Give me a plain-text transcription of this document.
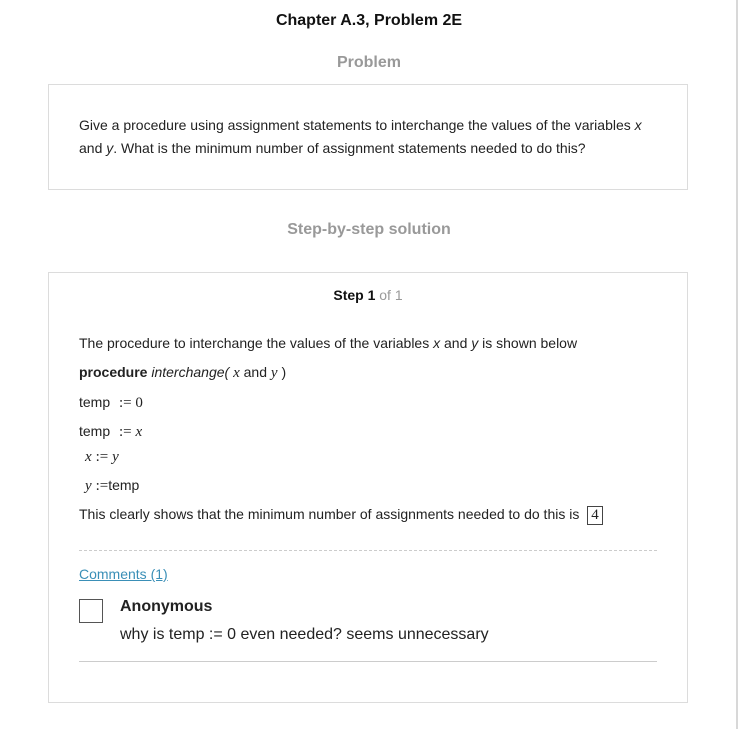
Chapter A.3, Problem 2E
Problem
Give a procedure using assignment statements to interchange the values of the variables x
and y. What is the minimum number of assignment statements needed to do this?
Step-by-step solution
Step 1 of 1
The procedure to interchange the values of the variables x and y is shown below
procedure interchange( x and y )
temp := 0
temp := x
x := y
y :=temp
This clearly shows that the minimum number of assignments needed to do this is 4
Comments (1)
Anonymous
why is temp := 0 even needed? seems unnecessary
